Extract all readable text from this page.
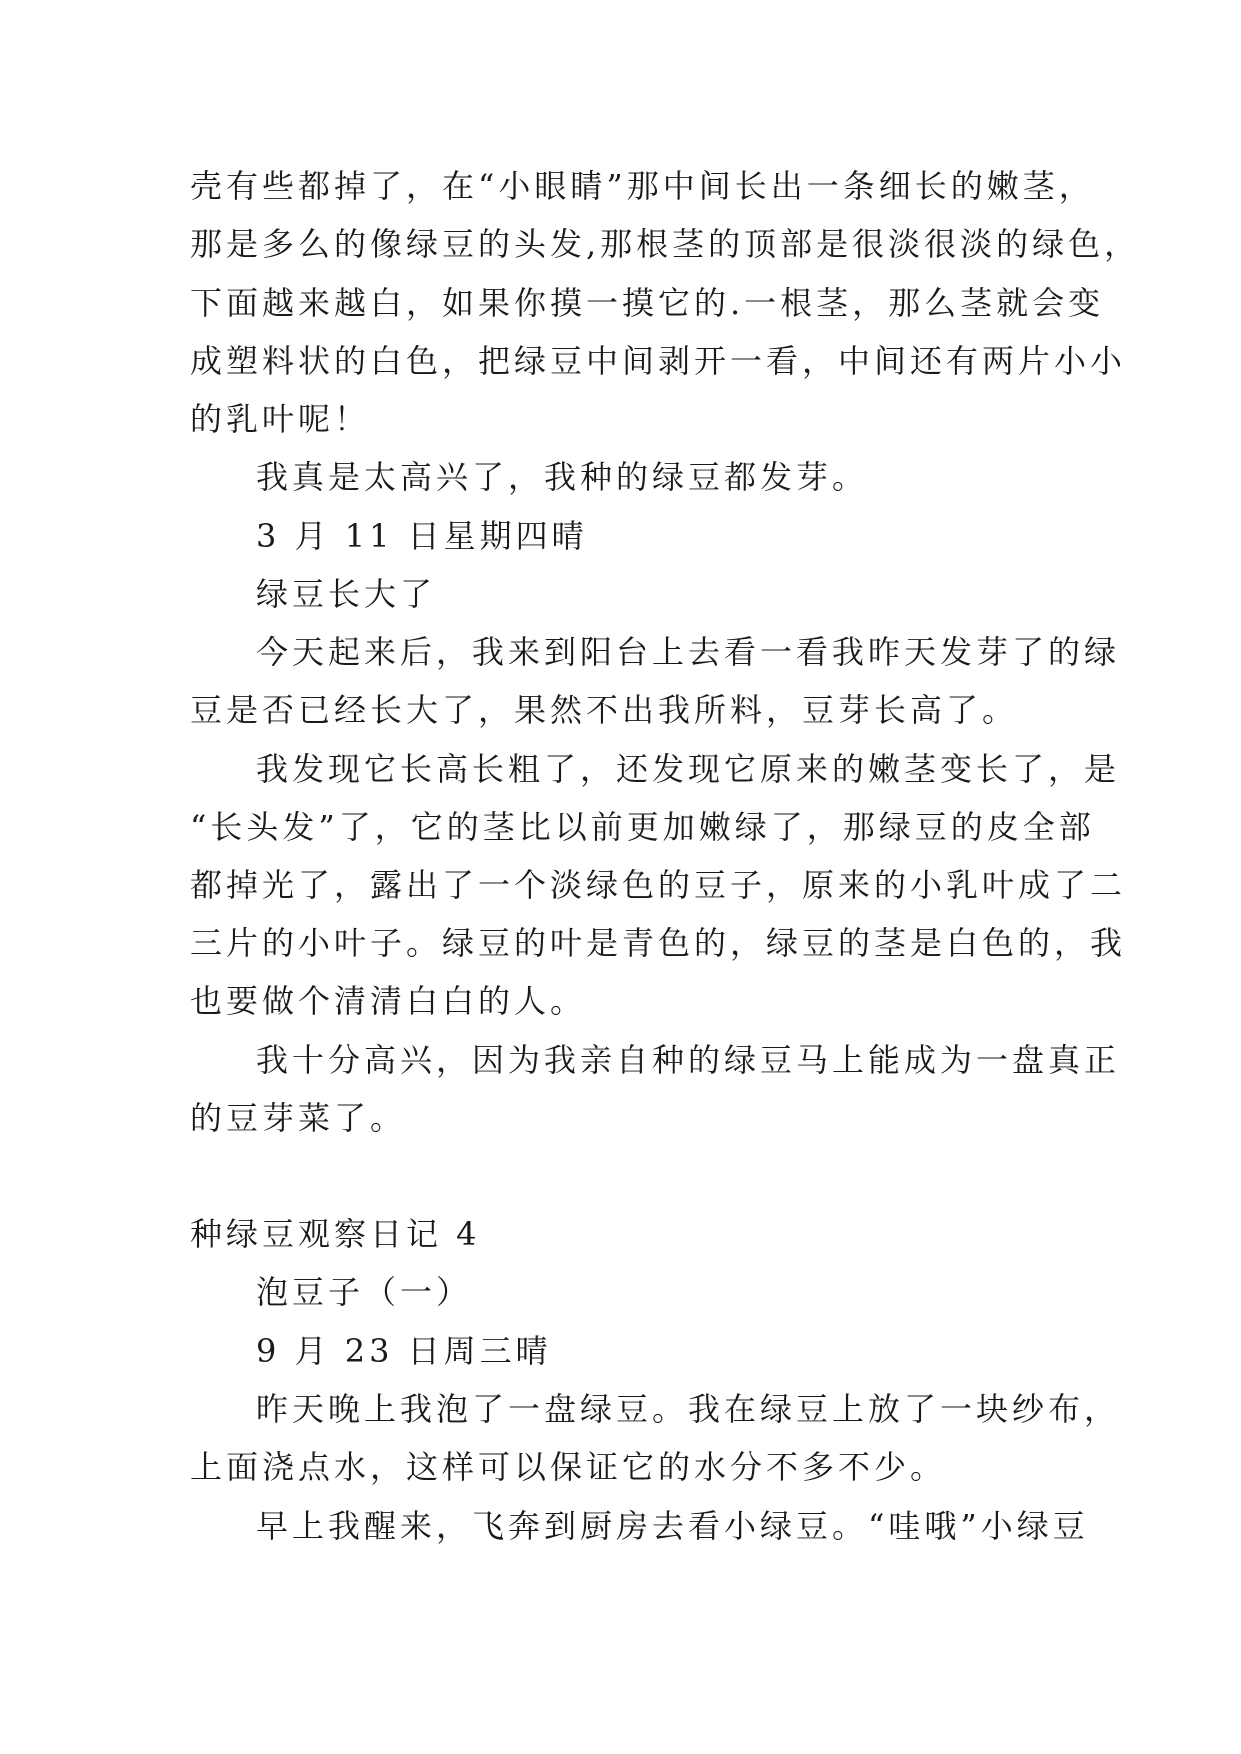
壳有些都掉了，在“小眼睛”那中间长出一条细长的嫩茎，
那是多么的像绿豆的头发,那根茎的顶部是很淡很淡的绿色，
下面越来越白，如果你摸一摸它的.一根茎，那么茎就会变
成塑料状的白色，把绿豆中间剥开一看，中间还有两片小小
的乳叶呢！
我真是太高兴了，我种的绿豆都发芽。
3 月 11 日星期四晴
绿豆长大了
今天起来后，我来到阳台上去看一看我昨天发芽了的绿
豆是否已经长大了，果然不出我所料，豆芽长高了。
我发现它长高长粗了，还发现它原来的嫩茎变长了，是
“长头发”了，它的茎比以前更加嫩绿了，那绿豆的皮全部
都掉光了，露出了一个淡绿色的豆子，原来的小乳叶成了二
三片的小叶子。绿豆的叶是青色的，绿豆的茎是白色的，我
也要做个清清白白的人。
我十分高兴，因为我亲自种的绿豆马上能成为一盘真正
的豆芽菜了。
种绿豆观察日记 4
泡豆子（一）
9 月 23 日周三晴
昨天晚上我泡了一盘绿豆。我在绿豆上放了一块纱布，
上面浇点水，这样可以保证它的水分不多不少。
早上我醒来，飞奔到厨房去看小绿豆。“哇哦”小绿豆
